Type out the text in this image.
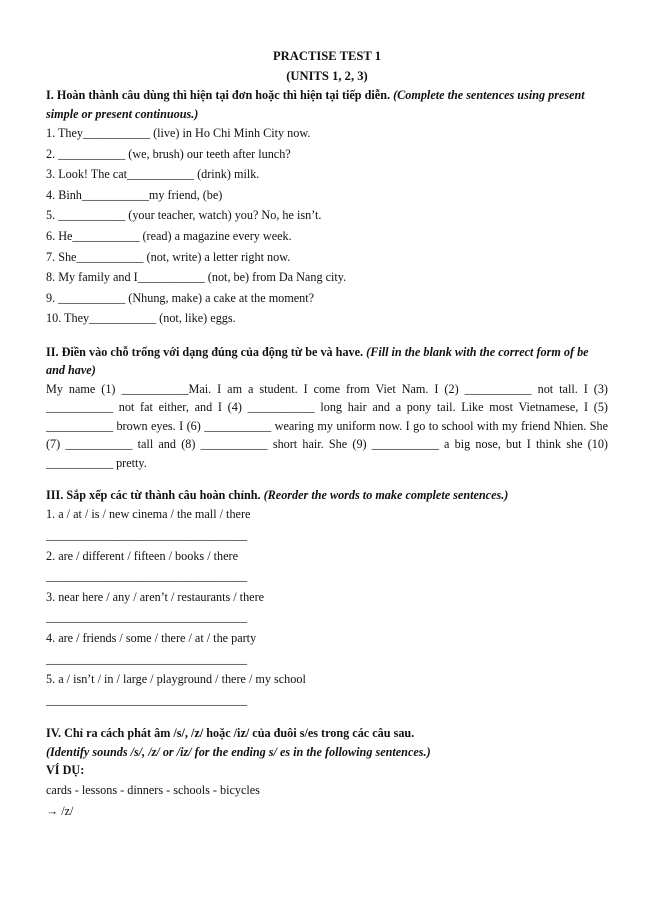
PRACTISE TEST 1
(UNITS 1, 2, 3)
I. Hoàn thành câu dùng thì hiện tại đơn hoặc thì hiện tại tiếp diễn. (Complete the sentences using present simple or present continuous.)
1. They___________ (live) in Ho Chi Minh City now.
2. ___________ (we, brush) our teeth after lunch?
3. Look! The cat___________ (drink) milk.
4. Binh___________my friend, (be)
5. ___________ (your teacher, watch) you? No, he isn’t.
6. He___________ (read) a magazine every week.
7. She___________ (not, write) a letter right now.
8. My family and I___________ (not, be) from Da Nang city.
9. ___________ (Nhung, make) a cake at the moment?
10. They___________ (not, like) eggs.
II. Điền vào chỗ trống với dạng đúng của động từ be và have. (Fill in the blank with the correct form of be and have)
My name (1) ___________Mai. I am a student. I come from Viet Nam. I (2) ___________ not tall. I (3) ___________ not fat either, and I (4) ___________ long hair and a pony tail. Like most Vietnamese, I (5) ___________ brown eyes. I (6) ___________ wearing my uniform now. I go to school with my friend Nhien. She (7) ___________ tall and (8) ___________ short hair. She (9) ___________ a big nose, but I think she (10) ___________ pretty.
III. Sắp xếp các từ thành câu hoàn chỉnh. (Reorder the words to make complete sentences.)
1. a / at / is / new cinema / the mall / there
_________________________________
2. are / different / fifteen / books / there
_________________________________
3. near here / any / aren’t / restaurants / there
_________________________________
4. are / friends / some / there / at / the party
_________________________________
5. a / isn’t / in / large / playground / there / my school
_________________________________
IV. Chỉ ra cách phát âm /s/, /z/ hoặc /iz/ của đuôi s/es trong các câu sau.
(Identify sounds /s/, /z/ or /iz/ for the ending s/ es in the following sentences.)
VÍ DỤ:
cards - lessons - dinners - schools - bicycles
→ /z/
